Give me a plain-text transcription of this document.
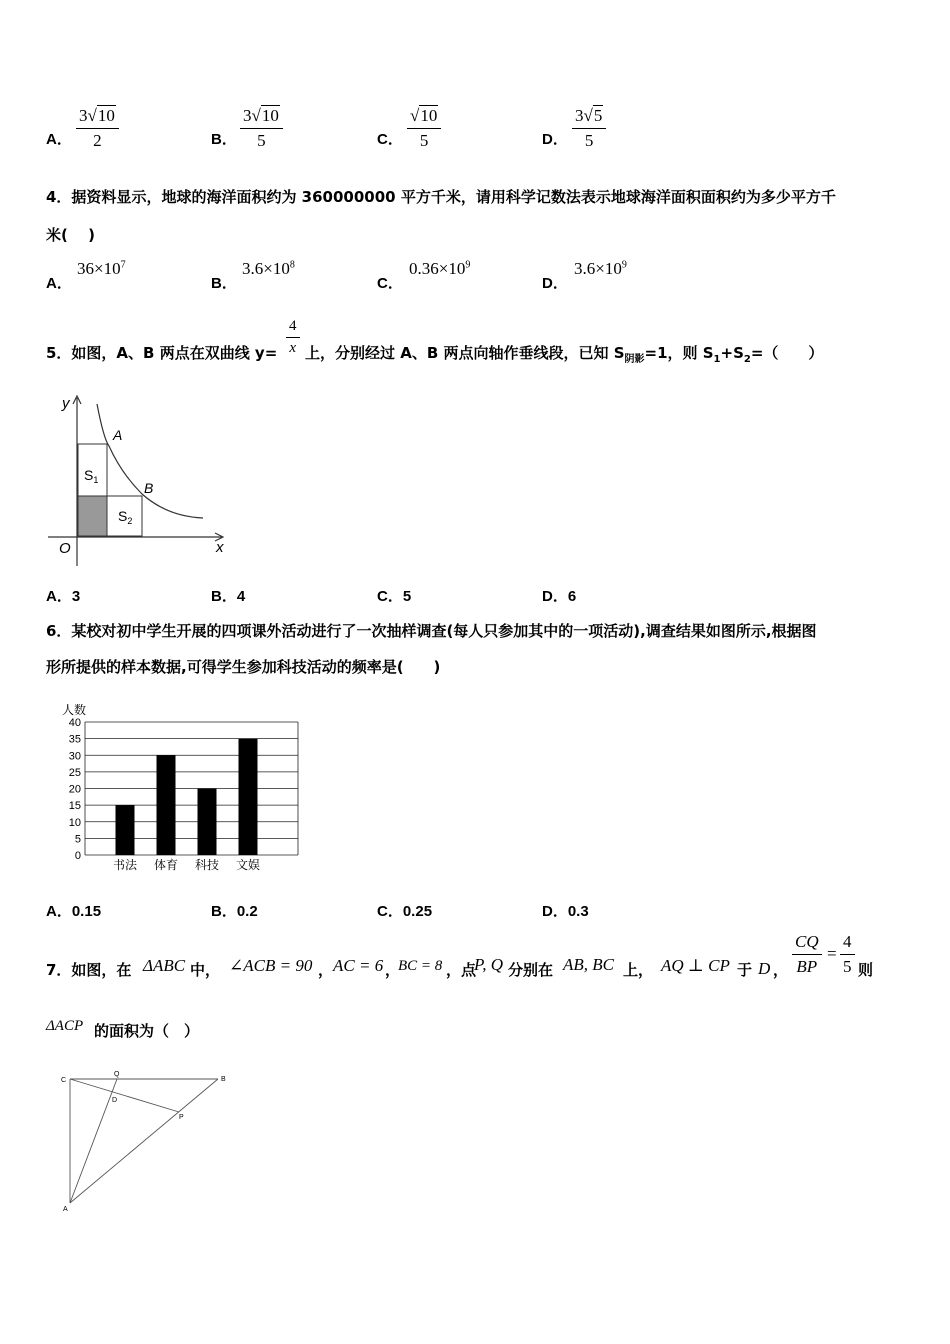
A．
3√10
2	B．
3√10
5	C．
√10
5	D．
3√5
5
4．据资料显示，地球的海洋面积约为 360000000 平方千米，请用科学记数法表示地球海洋面积面积约为多少平方千
米(　 )
A．
$36\times 10^7$
B．
$3.6\times 10^8$
C．
$0.36\times 10^9$
D．
$3.6\times 10^9$
5．如图，A、B 两点在双曲线 y=
4
x 上，分别经过 A、B 两点向轴作垂线段，已知 $S_{阴影}=1$，则 $S_1+S_2=$（　　）
y
x
O
A
B
$S_1$
$S_2$
A．3	B．4	C．5	D．6
6．某校对初中学生开展的四项课外活动进行了一次抽样调查(每人只参加其中的一项活动),调查结果如图所示,根据图
形所提供的样本数据,可得学生参加科技活动的频率是(　　)
人数
0
5
10
15
20
25
30
35
40
书法 体育 科技 文娱
A．0.15	B．0.2	C．0.25	D．0.3
7．如图，在 ΔABC 中， ∠ACB = 90 ， AC = 6 ，
BC = 8 ，点
P, Q 分别在 AB, BC 上， AQ ⊥ CP 于 D ，
CQ
BP
=
4
5 则
ΔACP 的面积为（　）
C
Q
B
D
P
A
